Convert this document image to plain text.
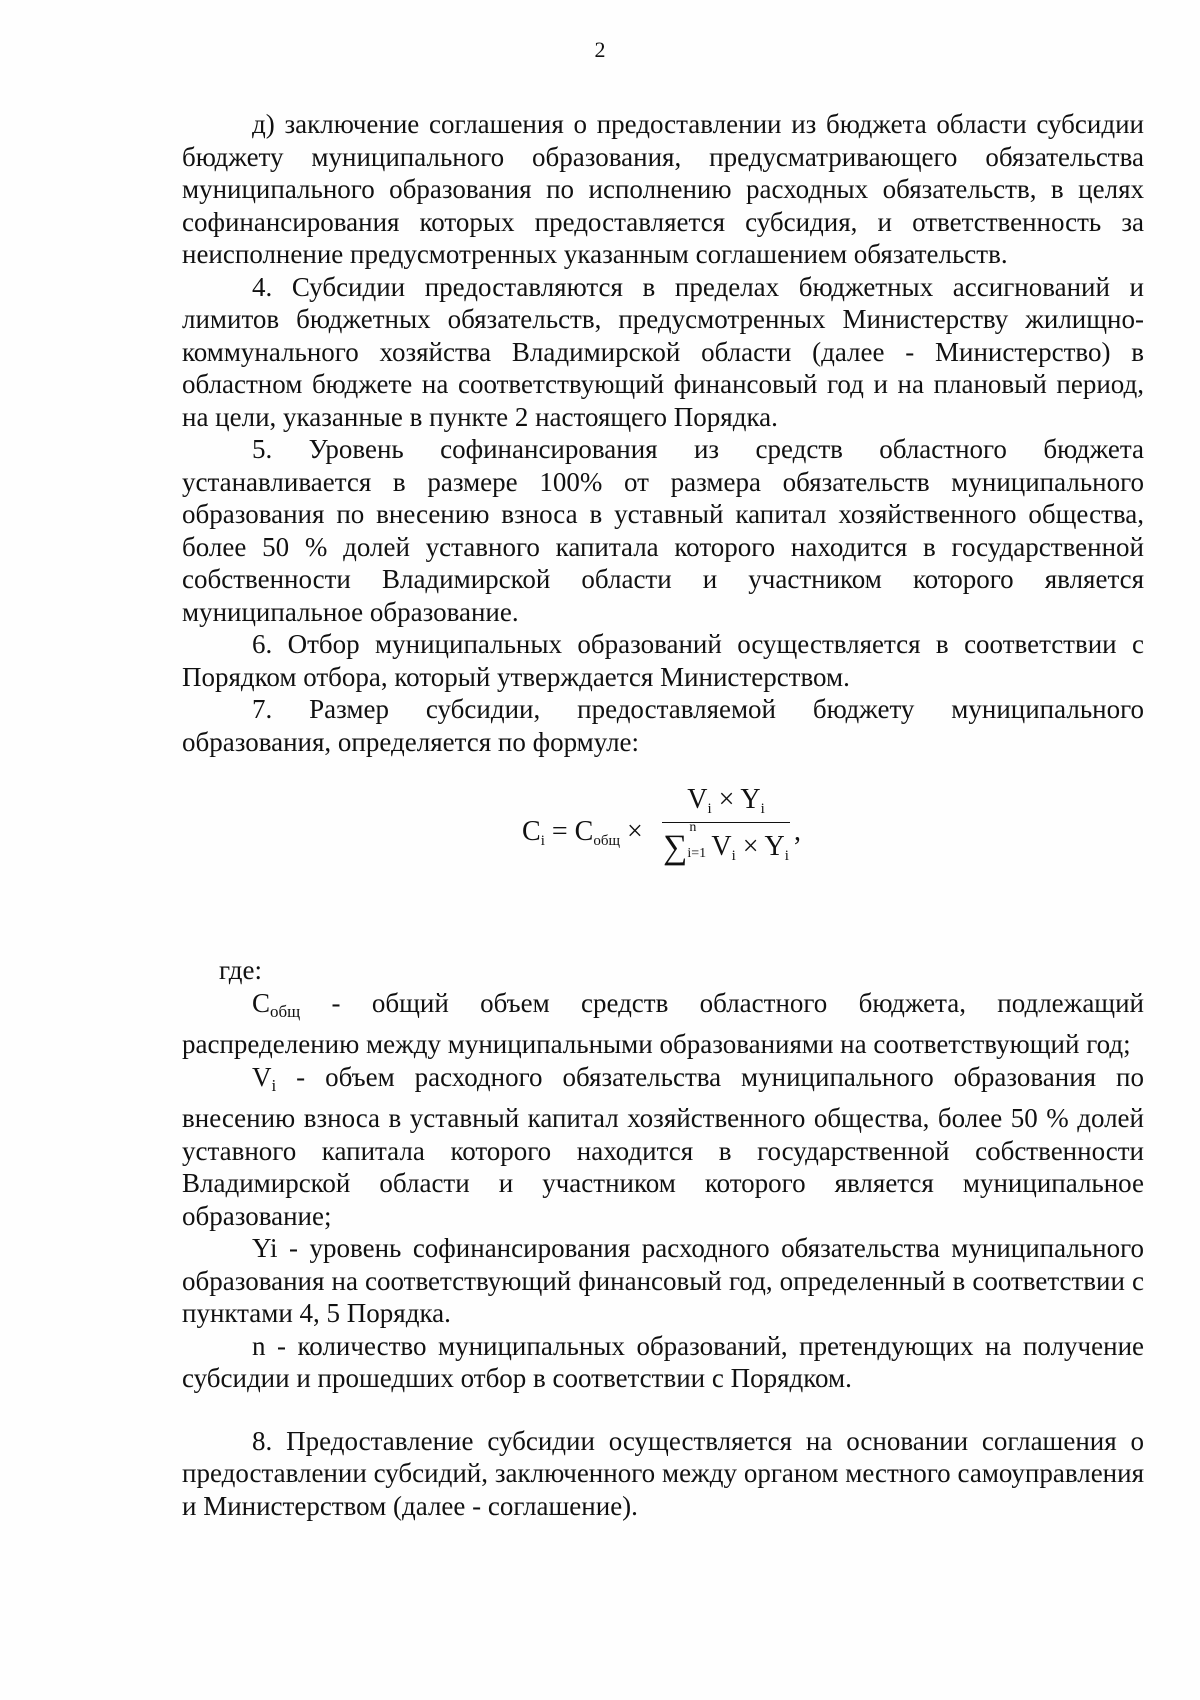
2

д) заключение соглашения о предоставлении из бюджета области субсидии бюджету муниципального образования, предусматривающего обязательства муниципального образования по исполнению расходных обязательств, в целях софинансирования которых предоставляется субсидия, и ответственность за неисполнение предусмотренных указанным соглашением обязательств.

4. Субсидии предоставляются в пределах бюджетных ассигнований и лимитов бюджетных обязательств, предусмотренных Министерству жилищно-коммунального хозяйства Владимирской области (далее - Министерство) в областном бюджете на соответствующий финансовый год и на плановый период, на цели, указанные в пункте 2 настоящего Порядка.

5. Уровень софинансирования из средств областного бюджета устанавливается в размере 100% от размера обязательств муниципального образования по внесению взноса в уставный капитал хозяйственного общества, более 50 % долей уставного капитала которого находится в государственной собственности Владимирской области и участником которого является муниципальное образование.

6. Отбор муниципальных образований осуществляется в соответствии с Порядком отбора, который утверждается Министерством.

7. Размер субсидии, предоставляемой бюджету муниципального образования, определяется по формуле:

$C_i = C_{общ}$ ×
$V_i \times Y_i$
∑
n
i=1 $V_i \times Y_i$
,

где:

Собщ - общий объем средств областного бюджета, подлежащий распределению между муниципальными образованиями на соответствующий год;

Vi - объем расходного обязательства муниципального образования по внесению взноса в уставный капитал хозяйственного общества, более 50 % долей уставного капитала которого находится в государственной собственности Владимирской области и участником которого является муниципальное образование;

Yi - уровень софинансирования расходного обязательства муниципального образования на соответствующий финансовый год, определенный в соответствии с пунктами 4, 5 Порядка.

n - количество муниципальных образований, претендующих на получение субсидии и прошедших отбор в соответствии с Порядком.

8. Предоставление субсидии осуществляется на основании соглашения о предоставлении субсидий, заключенного между органом местного самоуправления и Министерством (далее - соглашение).
